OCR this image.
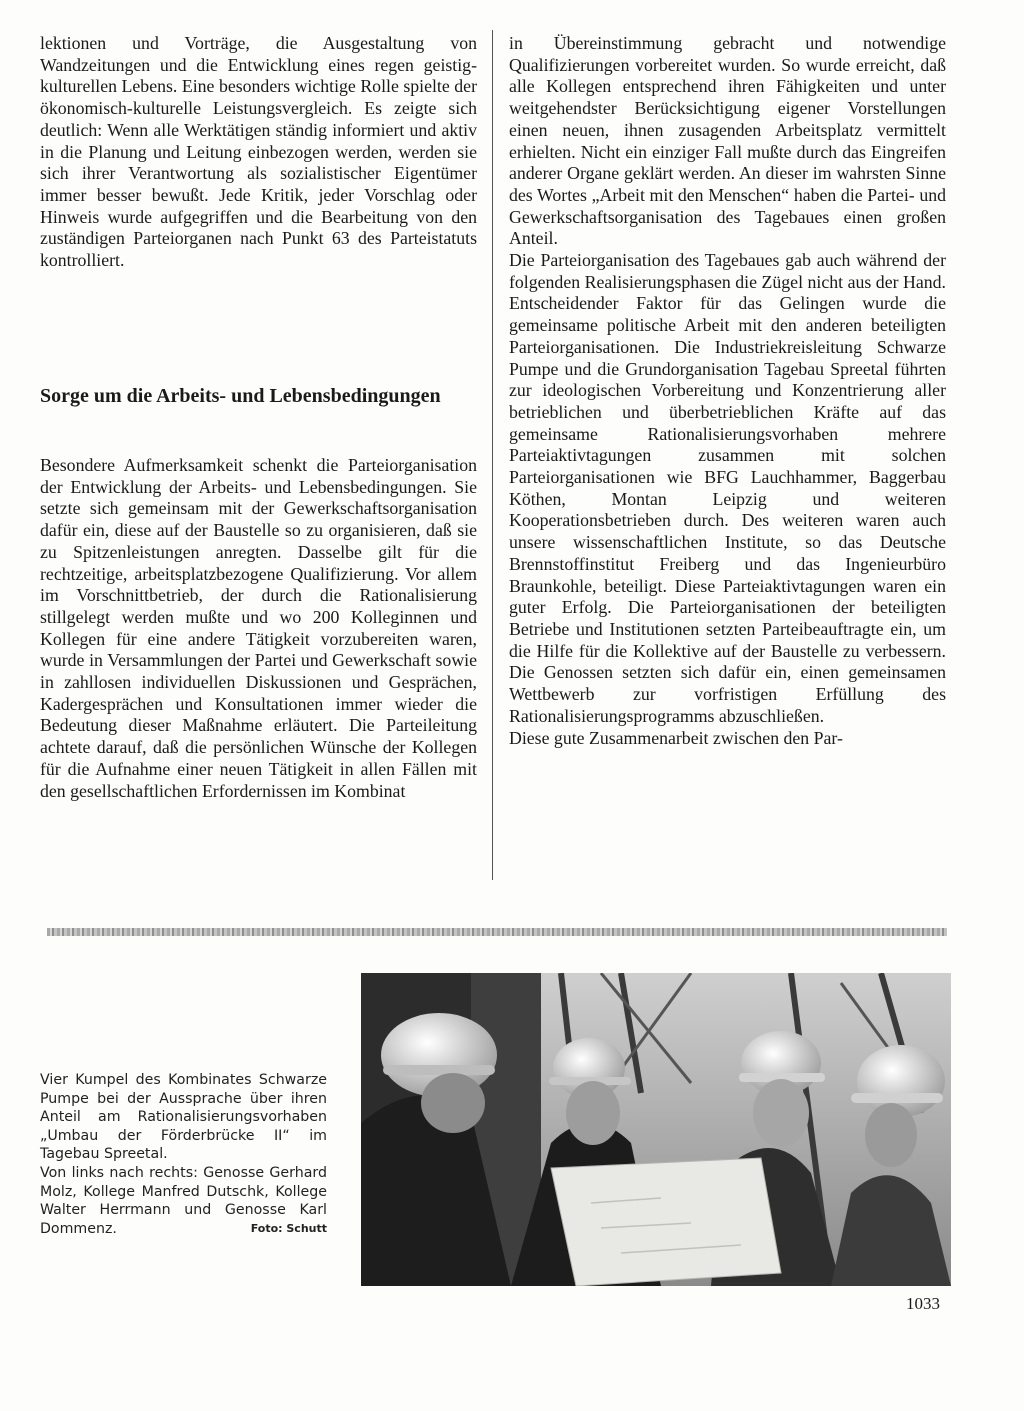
lektionen und Vorträge, die Ausgestaltung von Wandzeitungen und die Entwicklung eines regen geistig-kulturellen Lebens. Eine besonders wichtige Rolle spielte der ökonomisch-kulturelle Leistungsvergleich. Es zeigte sich deutlich: Wenn alle Werktätigen ständig informiert und aktiv in die Planung und Leitung einbezogen werden, werden sie sich ihrer Verantwortung als sozialistischer Eigentümer immer besser bewußt. Jede Kritik, jeder Vorschlag oder Hinweis wurde aufgegriffen und die Bearbeitung von den zuständigen Parteiorganen nach Punkt 63 des Parteistatuts kontrolliert.

Sorge um die Arbeits- und Lebensbedingungen

Besondere Aufmerksamkeit schenkt die Parteiorganisation der Entwicklung der Arbeits- und Lebensbedingungen. Sie setzte sich gemeinsam mit der Gewerkschaftsorganisation dafür ein, diese auf der Baustelle so zu organisieren, daß sie zu Spitzenleistungen anregten. Dasselbe gilt für die rechtzeitige, arbeitsplatzbezogene Qualifizierung. Vor allem im Vorschnittbetrieb, der durch die Rationalisierung stillgelegt werden mußte und wo 200 Kolleginnen und Kollegen für eine andere Tätigkeit vorzubereiten waren, wurde in Versammlungen der Partei und Gewerkschaft sowie in zahllosen individuellen Diskussionen und Gesprächen, Kadergesprächen und Konsultationen immer wieder die Bedeutung dieser Maßnahme erläutert. Die Parteileitung achtete darauf, daß die persönlichen Wünsche der Kollegen für die Aufnahme einer neuen Tätigkeit in allen Fällen mit den gesellschaftlichen Erfordernissen im Kombinat

in Übereinstimmung gebracht und notwendige Qualifizierungen vorbereitet wurden. So wurde erreicht, daß alle Kollegen entsprechend ihren Fähigkeiten und unter weitgehendster Berücksichtigung eigener Vorstellungen einen neuen, ihnen zusagenden Arbeitsplatz vermittelt erhielten. Nicht ein einziger Fall mußte durch das Eingreifen anderer Organe geklärt werden. An dieser im wahrsten Sinne des Wortes „Arbeit mit den Menschen“ haben die Partei- und Gewerkschaftsorganisation des Tagebaues einen großen Anteil.

Die Parteiorganisation des Tagebaues gab auch während der folgenden Realisierungsphasen die Zügel nicht aus der Hand. Entscheidender Faktor für das Gelingen wurde die gemeinsame politische Arbeit mit den anderen beteiligten Parteiorganisationen. Die Industriekreisleitung Schwarze Pumpe und die Grundorganisation Tagebau Spreetal führten zur ideologischen Vorbereitung und Konzentrierung aller betrieblichen und überbetrieblichen Kräfte auf das gemeinsame Rationalisierungsvorhaben mehrere Parteiaktivtagungen zusammen mit solchen Parteiorganisationen wie BFG Lauchhammer, Baggerbau Köthen, Montan Leipzig und weiteren Kooperationsbetrieben durch. Des weiteren waren auch unsere wissenschaftlichen Institute, so das Deutsche Brennstoffinstitut Freiberg und das Ingenieurbüro Braunkohle, beteiligt. Diese Parteiaktivtagungen waren ein guter Erfolg. Die Parteiorganisationen der beteiligten Betriebe und Institutionen setzten Parteibeauftragte ein, um die Hilfe für die Kollektive auf der Baustelle zu verbessern. Die Genossen setzten sich dafür ein, einen gemeinsamen Wettbewerb zur vorfristigen Erfüllung des Rationalisierungsprogramms abzuschließen.

Diese gute Zusammenarbeit zwischen den Par-

Vier Kumpel des Kombinates Schwarze Pumpe bei der Aussprache über ihren Anteil am Rationalisierungsvorhaben „Umbau der Förderbrücke II“ im Tagebau Spreetal.

Von links nach rechts: Genosse Gerhard Molz, Kollege Manfred Dutschk, Kollege Walter Herrmann und Genosse Karl Dommenz.	Foto: Schutt

1033
